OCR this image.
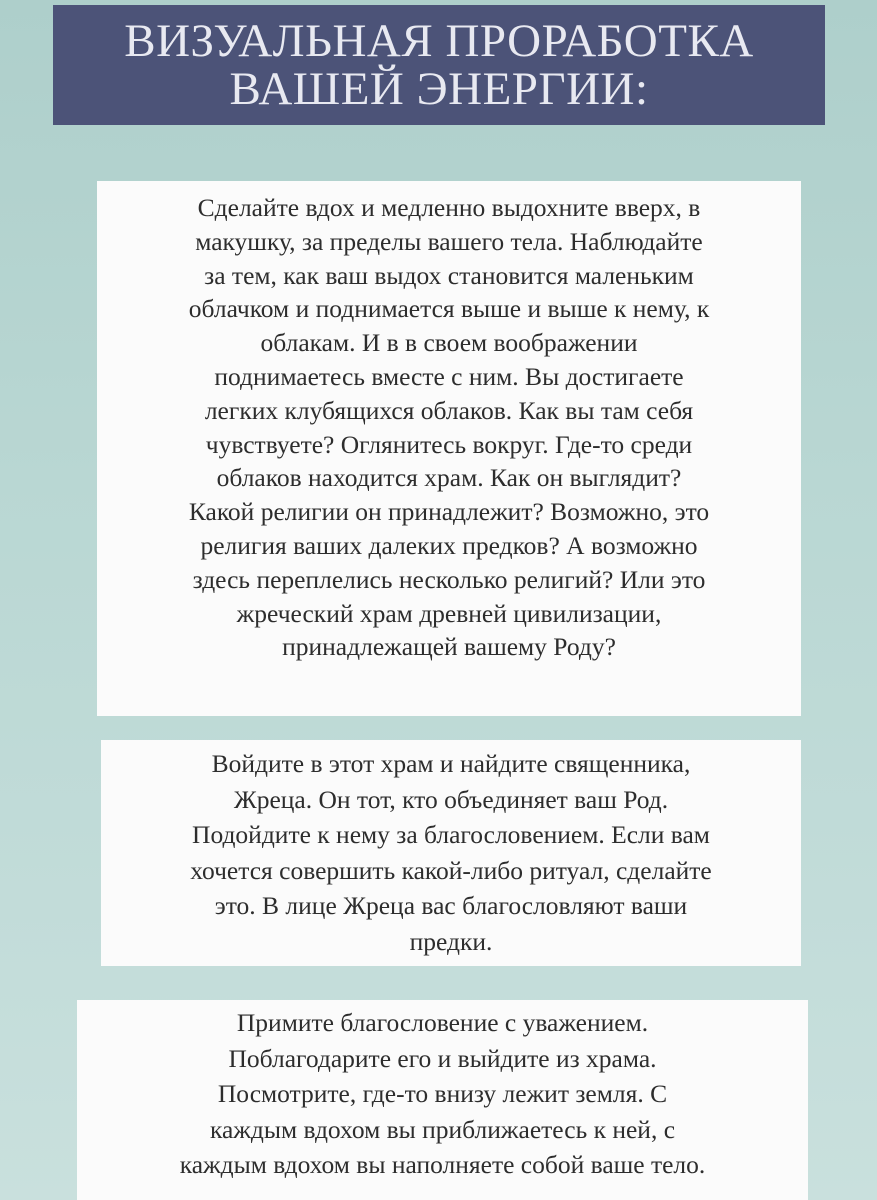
ВИЗУАЛЬНАЯ ПРОРАБОТКА
ВАШЕЙ ЭНЕРГИИ:
Сделайте вдох и медленно выдохните вверх, в
макушку, за пределы вашего тела. Наблюдайте
за тем, как ваш выдох становится маленьким
облачком и поднимается выше и выше к нему, к
облакам. И в в своем воображении
поднимаетесь вместе с ним. Вы достигаете
легких клубящихся облаков. Как вы там себя
чувствуете? Оглянитесь вокруг. Где-то среди
облаков находится храм. Как он выглядит?
Какой религии он принадлежит? Возможно, это
религия ваших далеких предков? А возможно
здесь переплелись несколько религий? Или это
жреческий храм древней цивилизации,
принадлежащей вашему Роду?
Войдите в этот храм и найдите священника,
Жреца. Он тот, кто объединяет ваш Род.
Подойдите к нему за благословением. Если вам
хочется совершить какой-либо ритуал, сделайте
это. В лице Жреца вас благословляют ваши
предки.
Примите благословение с уважением.
Поблагодарите его и выйдите из храма.
Посмотрите, где-то внизу лежит земля. С
каждым вдохом вы приближаетесь к ней, с
каждым вдохом вы наполняете собой ваше тело.
